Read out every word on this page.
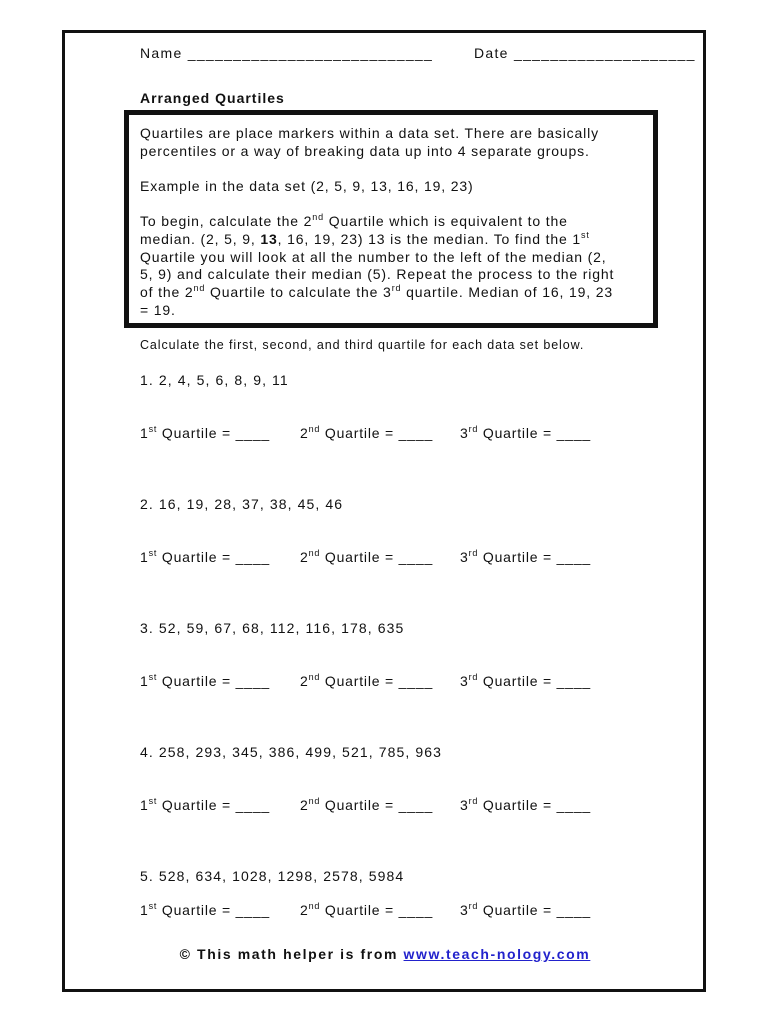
Name ___________________________	Date ____________________
Arranged Quartiles
Quartiles are place markers within a data set. There are basically
percentiles or a way of breaking data up into 4 separate groups.
Example in the data set (2, 5, 9, 13, 16, 19, 23)
To begin, calculate the 2nd Quartile which is equivalent to the
median. (2, 5, 9, 13, 16, 19, 23) 13 is the median. To find the 1st
Quartile you will look at all the number to the left of the median (2,
5, 9) and calculate their median (5). Repeat the process to the right
of the 2nd Quartile to calculate the 3rd quartile. Median of 16, 19, 23
= 19.
Calculate the first, second, and third quartile for each data set below.
1. 2, 4, 5, 6, 8, 9, 11
1st Quartile = ____ 2nd Quartile = ____ 3rd Quartile = ____
2. 16, 19, 28, 37, 38, 45, 46
1st Quartile = ____ 2nd Quartile = ____ 3rd Quartile = ____
3. 52, 59, 67, 68, 112, 116, 178, 635
1st Quartile = ____ 2nd Quartile = ____ 3rd Quartile = ____
4. 258, 293, 345, 386, 499, 521, 785, 963
1st Quartile = ____ 2nd Quartile = ____ 3rd Quartile = ____
5. 528, 634, 1028, 1298, 2578, 5984
1st Quartile = ____ 2nd Quartile = ____ 3rd Quartile = ____
© This math helper is from www.teach-nology.com
